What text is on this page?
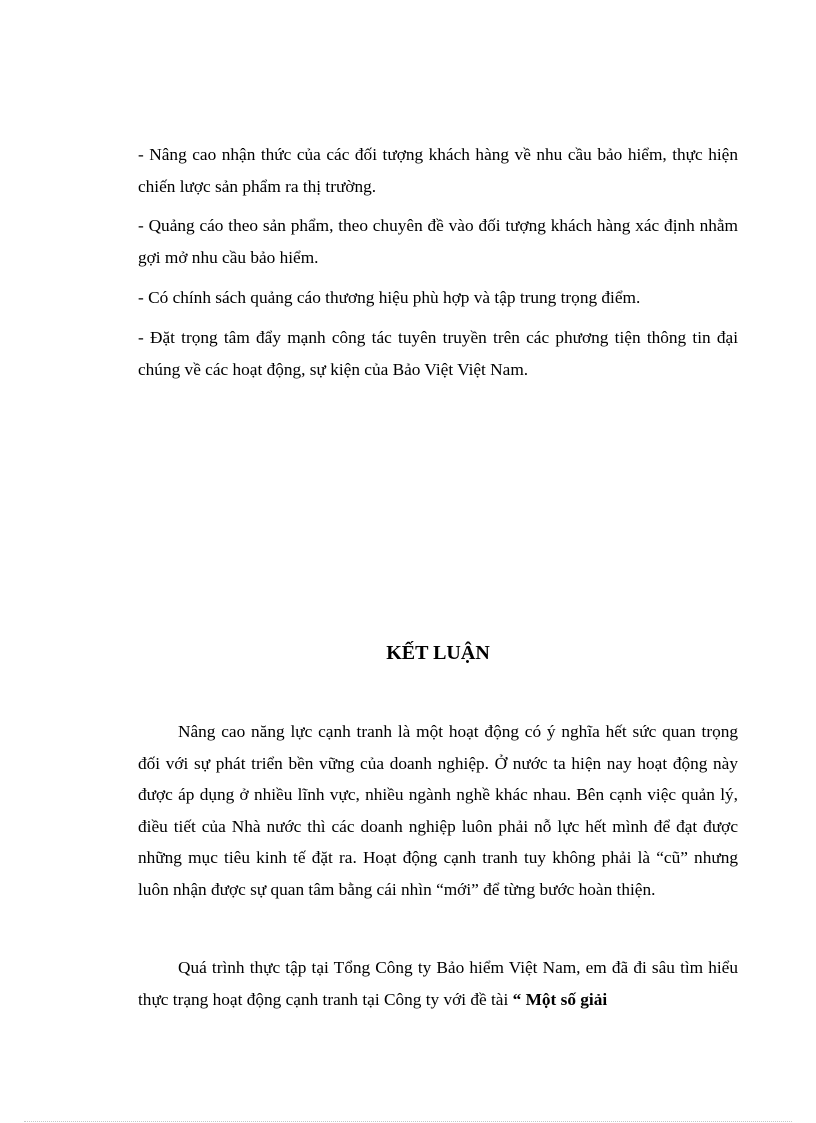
- Nâng cao nhận thức của các đối tượng khách hàng về nhu cầu bảo hiểm, thực hiện chiến lược sản phẩm ra thị trường.

- Quảng cáo theo sản phẩm, theo chuyên đề vào đối tượng khách hàng xác định nhằm gợi mở nhu cầu bảo hiểm.

- Có chính sách quảng cáo thương hiệu phù hợp và tập trung trọng điểm.

- Đặt trọng tâm đẩy mạnh công tác tuyên truyền trên các phương tiện thông tin đại chúng về các hoạt động, sự kiện của Bảo Việt Việt Nam.

KẾT LUẬN

Nâng cao năng lực cạnh tranh là một hoạt động có ý nghĩa hết sức quan trọng đối với sự phát triển bền vững của doanh nghiệp. Ở nước ta hiện nay hoạt động này được áp dụng ở nhiều lĩnh vực, nhiều ngành nghề khác nhau. Bên cạnh việc quản lý, điều tiết của Nhà nước thì các doanh nghiệp luôn phải nỗ lực hết mình để đạt được những mục tiêu kinh tế đặt ra. Hoạt động cạnh tranh tuy không phải là “cũ” nhưng luôn nhận được sự quan tâm bằng cái nhìn “mới” để từng bước hoàn thiện.

Quá trình thực tập tại Tổng Công ty Bảo hiểm Việt Nam, em đã đi sâu tìm hiểu thực trạng hoạt động cạnh tranh tại Công ty với đề tài “ Một số giải
